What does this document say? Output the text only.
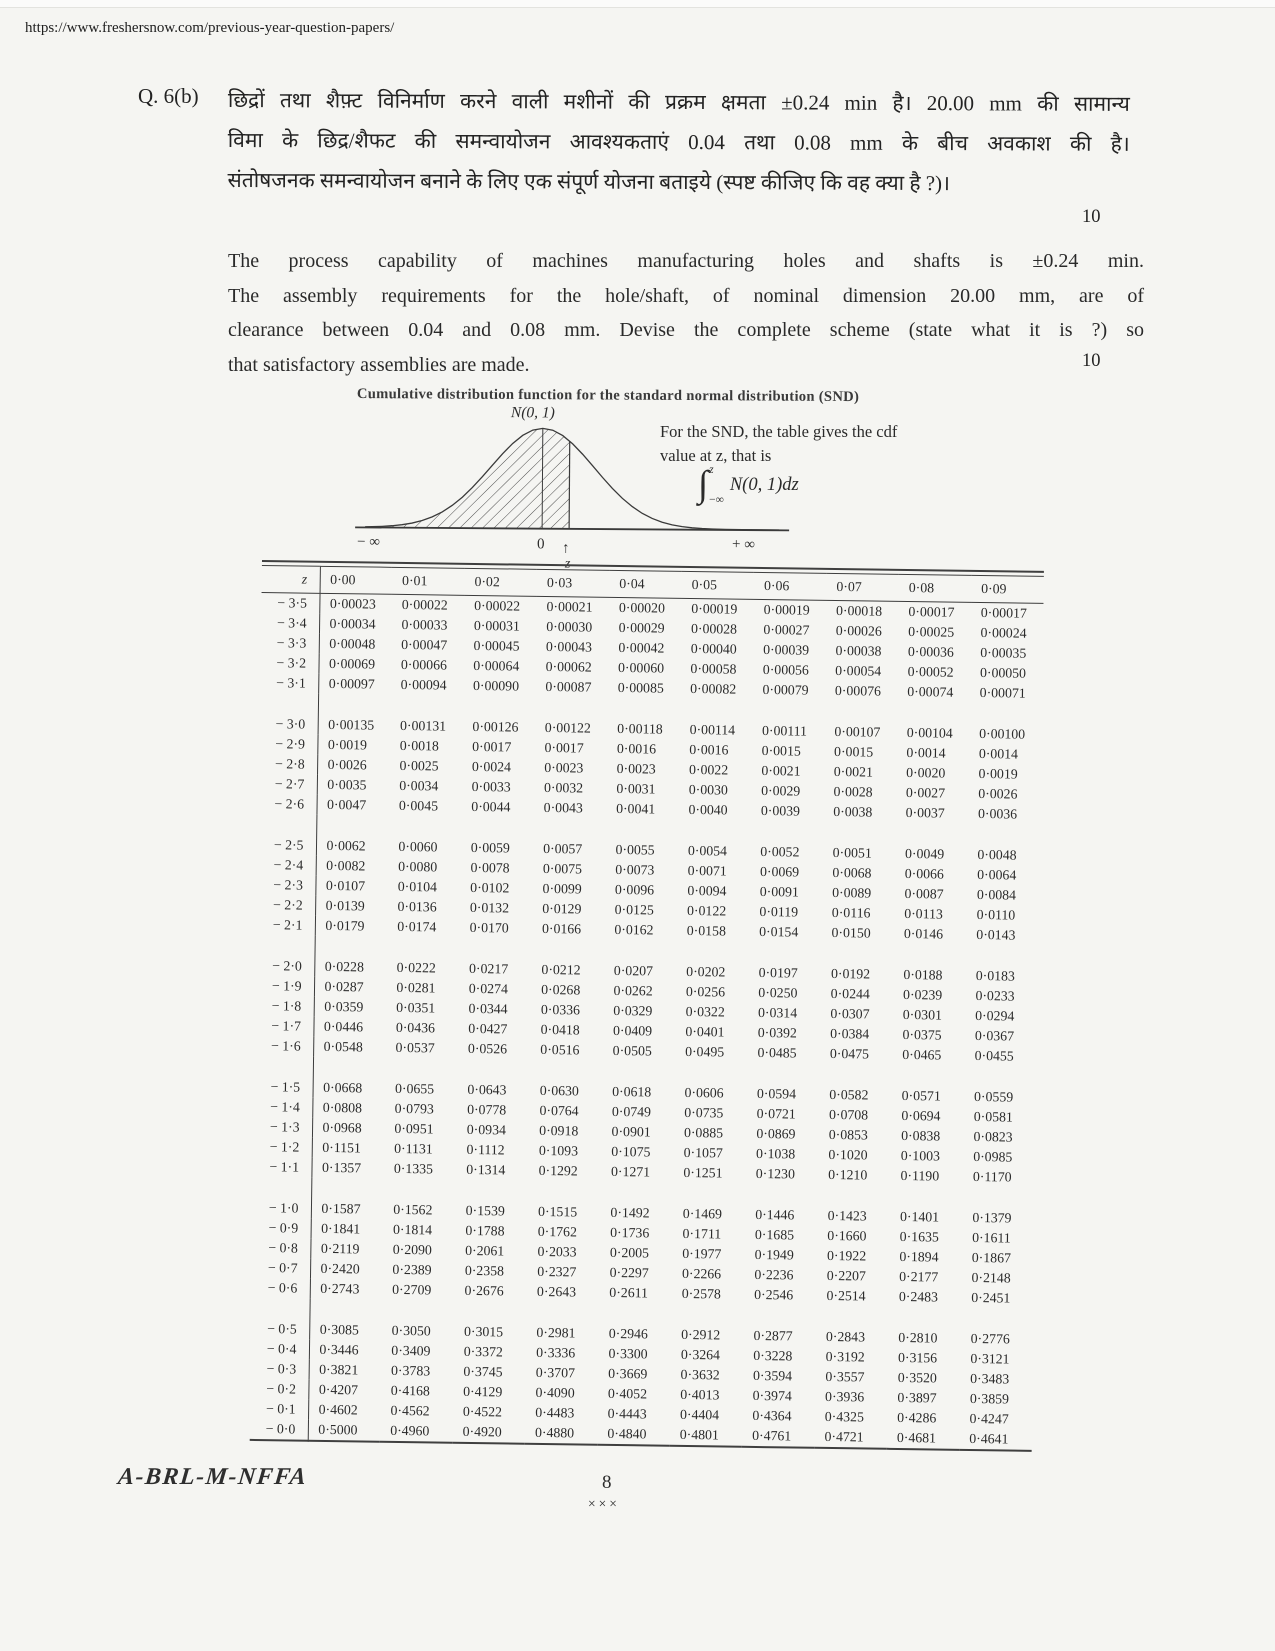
https://www.freshersnow.com/previous-year-question-papers/
Q. 6(b) छिद्रों तथा शैफ़्ट विनिर्माण करने वाली मशीनों की प्रक्रम क्षमता ±0.24 min है। 20.00 mm की सामान्य
विमा के छिद्र/शैफट की समन्वायोजन आवश्यकताएं 0.04 तथा 0.08 mm के बीच अवकाश की है।
संतोषजनक समन्वायोजन बनाने के लिए एक संपूर्ण योजना बताइये (स्पष्ट कीजिए कि वह क्या है ?)।
10
The process capability of machines manufacturing holes and shafts is ±0.24 min.
The assembly requirements for the hole/shaft, of nominal dimension 20.00 mm, are of
clearance between 0.04 and 0.08 mm. Devise the complete scheme (state what it is ?) so
that satisfactory assemblies are made.	10
Cumulative distribution function for the standard normal distribution (SND)
N(0, 1)
− ∞	0 ↑
z
+ ∞
For the SND, the table gives the cdf
value at z, that is
∫ z
−∞
N(0, 1)dz
z	0·00	0·01	0·02	0·03	0·04	0·05	0·06	0·07	0·08	0·09
− 3·5	0·00023	0·00022	0·00022	0·00021	0·00020	0·00019	0·00019	0·00018	0·00017	0·00017
− 3·4	0·00034	0·00033	0·00031	0·00030	0·00029	0·00028	0·00027	0·00026	0·00025	0·00024
− 3·3	0·00048	0·00047	0·00045	0·00043	0·00042	0·00040	0·00039	0·00038	0·00036	0·00035
− 3·2	0·00069	0·00066	0·00064	0·00062	0·00060	0·00058	0·00056	0·00054	0·00052	0·00050
− 3·1	0·00097	0·00094	0·00090	0·00087	0·00085	0·00082	0·00079	0·00076	0·00074	0·00071
− 3·0	0·00135	0·00131	0·00126	0·00122	0·00118	0·00114	0·00111	0·00107	0·00104	0·00100
− 2·9	0·0019	0·0018	0·0017	0·0017	0·0016	0·0016	0·0015	0·0015	0·0014	0·0014
− 2·8	0·0026	0·0025	0·0024	0·0023	0·0023	0·0022	0·0021	0·0021	0·0020	0·0019
− 2·7	0·0035	0·0034	0·0033	0·0032	0·0031	0·0030	0·0029	0·0028	0·0027	0·0026
− 2·6	0·0047	0·0045	0·0044	0·0043	0·0041	0·0040	0·0039	0·0038	0·0037	0·0036
− 2·5	0·0062	0·0060	0·0059	0·0057	0·0055	0·0054	0·0052	0·0051	0·0049	0·0048
− 2·4	0·0082	0·0080	0·0078	0·0075	0·0073	0·0071	0·0069	0·0068	0·0066	0·0064
− 2·3	0·0107	0·0104	0·0102	0·0099	0·0096	0·0094	0·0091	0·0089	0·0087	0·0084
− 2·2	0·0139	0·0136	0·0132	0·0129	0·0125	0·0122	0·0119	0·0116	0·0113	0·0110
− 2·1	0·0179	0·0174	0·0170	0·0166	0·0162	0·0158	0·0154	0·0150	0·0146	0·0143
− 2·0	0·0228	0·0222	0·0217	0·0212	0·0207	0·0202	0·0197	0·0192	0·0188	0·0183
− 1·9	0·0287	0·0281	0·0274	0·0268	0·0262	0·0256	0·0250	0·0244	0·0239	0·0233
− 1·8	0·0359	0·0351	0·0344	0·0336	0·0329	0·0322	0·0314	0·0307	0·0301	0·0294
− 1·7	0·0446	0·0436	0·0427	0·0418	0·0409	0·0401	0·0392	0·0384	0·0375	0·0367
− 1·6	0·0548	0·0537	0·0526	0·0516	0·0505	0·0495	0·0485	0·0475	0·0465	0·0455
− 1·5	0·0668	0·0655	0·0643	0·0630	0·0618	0·0606	0·0594	0·0582	0·0571	0·0559
− 1·4	0·0808	0·0793	0·0778	0·0764	0·0749	0·0735	0·0721	0·0708	0·0694	0·0581
− 1·3	0·0968	0·0951	0·0934	0·0918	0·0901	0·0885	0·0869	0·0853	0·0838	0·0823
− 1·2	0·1151	0·1131	0·1112	0·1093	0·1075	0·1057	0·1038	0·1020	0·1003	0·0985
− 1·1	0·1357	0·1335	0·1314	0·1292	0·1271	0·1251	0·1230	0·1210	0·1190	0·1170
− 1·0	0·1587	0·1562	0·1539	0·1515	0·1492	0·1469	0·1446	0·1423	0·1401	0·1379
− 0·9	0·1841	0·1814	0·1788	0·1762	0·1736	0·1711	0·1685	0·1660	0·1635	0·1611
− 0·8	0·2119	0·2090	0·2061	0·2033	0·2005	0·1977	0·1949	0·1922	0·1894	0·1867
− 0·7	0·2420	0·2389	0·2358	0·2327	0·2297	0·2266	0·2236	0·2207	0·2177	0·2148
− 0·6	0·2743	0·2709	0·2676	0·2643	0·2611	0·2578	0·2546	0·2514	0·2483	0·2451
− 0·5	0·3085	0·3050	0·3015	0·2981	0·2946	0·2912	0·2877	0·2843	0·2810	0·2776
− 0·4	0·3446	0·3409	0·3372	0·3336	0·3300	0·3264	0·3228	0·3192	0·3156	0·3121
− 0·3	0·3821	0·3783	0·3745	0·3707	0·3669	0·3632	0·3594	0·3557	0·3520	0·3483
− 0·2	0·4207	0·4168	0·4129	0·4090	0·4052	0·4013	0·3974	0·3936	0·3897	0·3859
− 0·1	0·4602	0·4562	0·4522	0·4483	0·4443	0·4404	0·4364	0·4325	0·4286	0·4247
− 0·0	0·5000	0·4960	0·4920	0·4880	0·4840	0·4801	0·4761	0·4721	0·4681	0·4641
A-BRL-M-NFFA	8
×××
